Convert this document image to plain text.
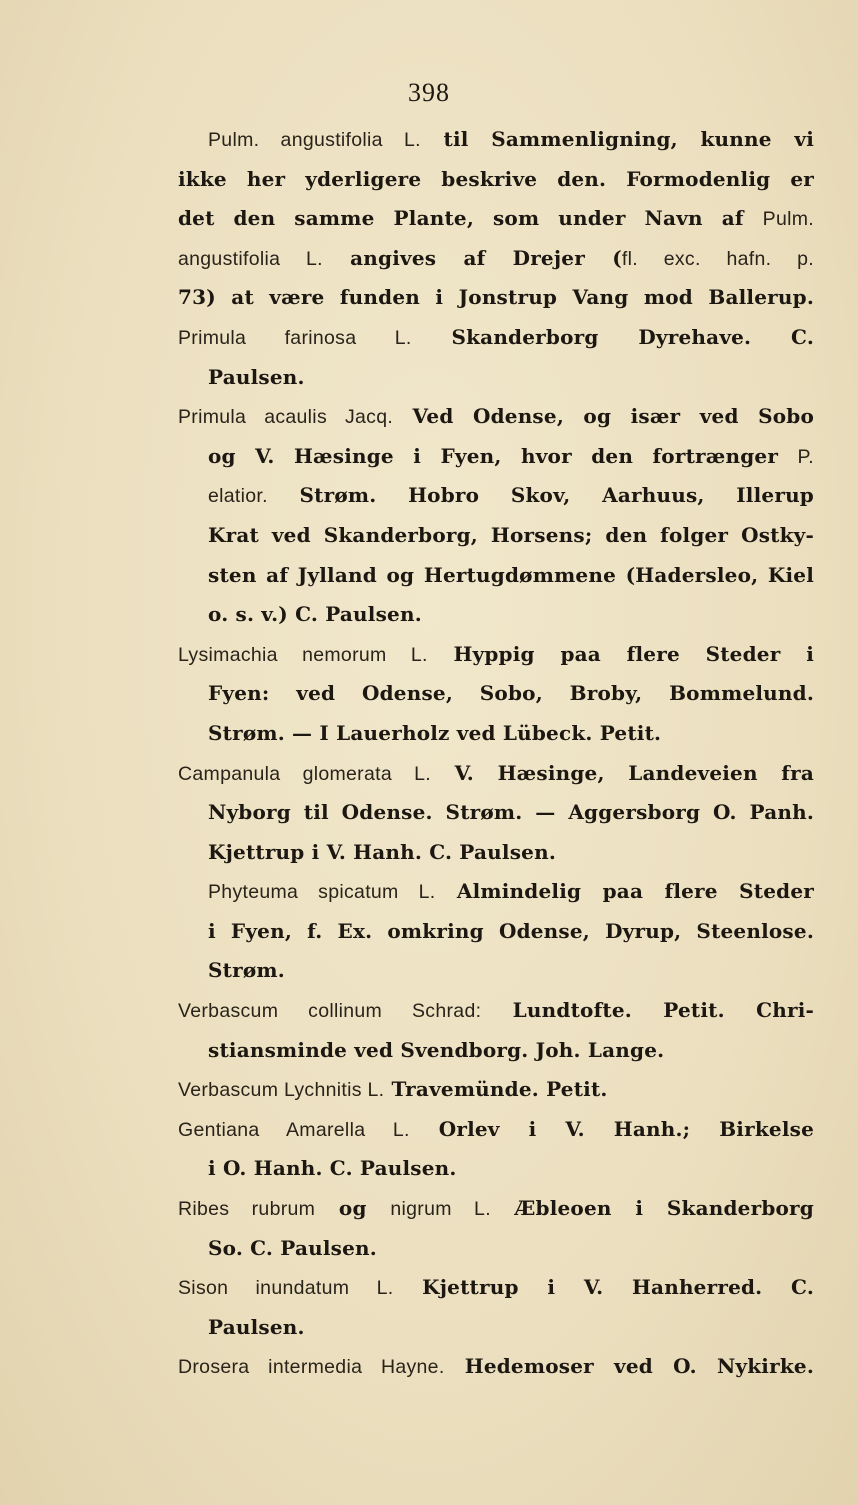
398
Pulm. angustifolia L. til Sammenligning, kunne vi
ikke her yderligere beskrive den. Formodenlig er
det den samme Plante, som under Navn af Pulm.
angustifolia L. angives af Drejer (fl. exc. hafn. p.
73) at være funden i Jonstrup Vang mod Ballerup.
Primula farinosa L. Skanderborg Dyrehave. C.
Paulsen.
Primula acaulis Jacq. Ved Odense, og især ved Sobo
og V. Hæsinge i Fyen, hvor den fortrænger P.
elatior. Strøm. Hobro Skov, Aarhuus, Illerup
Krat ved Skanderborg, Horsens; den folger Ostky-
sten af Jylland og Hertugdømmene (Hadersleo, Kiel
o. s. v.) C. Paulsen.
Lysimachia nemorum L. Hyppig paa flere Steder i
Fyen: ved Odense, Sobo, Broby, Bommelund.
Strøm. — I Lauerholz ved Lübeck. Petit.
Campanula glomerata L. V. Hæsinge, Landeveien fra
Nyborg til Odense. Strøm. — Aggersborg O. Panh.
Kjettrup i V. Hanh. C. Paulsen.
Phyteuma spicatum L. Almindelig paa flere Steder
i Fyen, f. Ex. omkring Odense, Dyrup, Steenlose.
Strøm.
Verbascum collinum Schrad: Lundtofte. Petit. Chri-
stiansminde ved Svendborg. Joh. Lange.
Verbascum Lychnitis L. Travemünde. Petit.
Gentiana Amarella L. Orlev i V. Hanh.; Birkelse
i O. Hanh. C. Paulsen.
Ribes rubrum og nigrum L. Æbleoen i Skanderborg
So. C. Paulsen.
Sison inundatum L. Kjettrup i V. Hanherred. C.
Paulsen.
Drosera intermedia Hayne. Hedemoser ved O. Nykirke.
